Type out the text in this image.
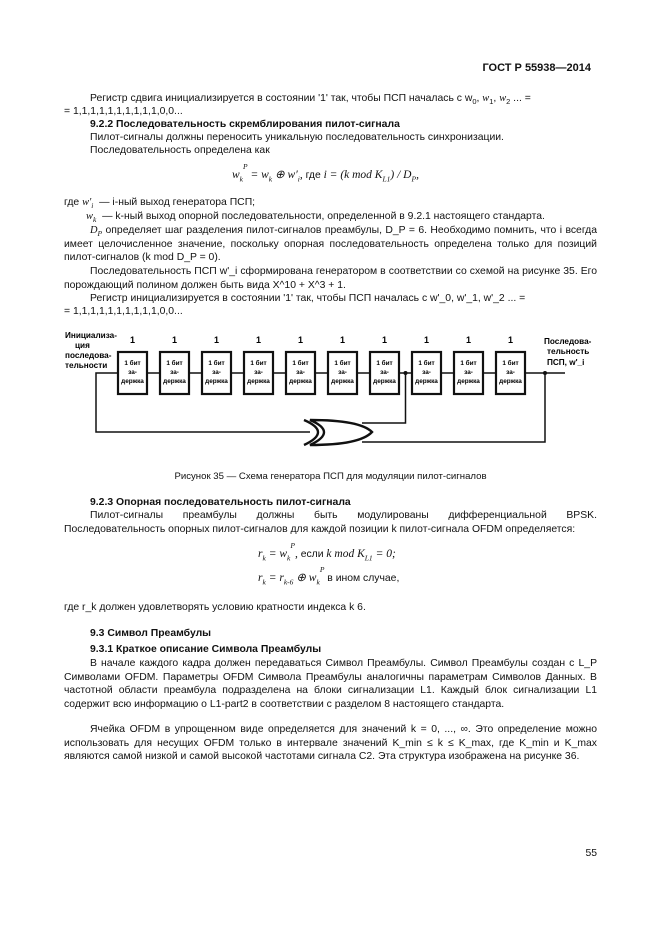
ГОСТ Р 55938—2014
Регистр сдвига инициализируется в состоянии '1' так, чтобы ПСП началась с $w_0$, $w_1$, $w_2$ ... =
= 1,1,1,1,1,1,1,1,1,1,0,0...
9.2.2 Последовательность скремблирования пилот-сигнала
Пилот-сигналы должны переносить уникальную последовательность синхронизации.
Последовательность определена как
$w_k^P = w_k$ ⊕ $w'_i$, где i = (k mod $K_{L1}) / D_P$,
где $w'_i$ — i-ный выход генератора ПСП;
$w_k$ — k-ный выход опорной последовательности, определенной в 9.2.1 настоящего стандарта.
$D_P$ определяет шаг разделения пилот-сигналов преамбулы, D_P = 6. Необходимо помнить, что i всегда имеет целочисленное значение, поскольку опорная последовательность определена только для позиций пилот-сигналов (k mod D_P = 0).
Последовательность ПСП w'_i сформирована генератором в соответствии со схемой на рисунке 35. Его порождающий полином должен быть вида X^10 + X^3 + 1.
Регистр инициализируется в состоянии '1' так, чтобы ПСП началась с w'_0, w'_1, w'_2 ... =
= 1,1,1,1,1,1,1,1,1,1,0,0...
1
1 бит
за-
держка
1
1 бит
за-
держка
1
1 бит
за-
держка
1
1 бит
за-
держка
1
1 бит
за-
держка
1
1 бит
за-
держка
1
1 бит
за-
держка
1
1 бит
за-
держка
1
1 бит
за-
держка
1
1 бит
за-
держка
Инициализа-
ция
последова-
тельности
Последова-
тельность
ПСП, w'_i
Рисунок 35 — Схема генератора ПСП для модуляции пилот-сигналов
9.2.3 Опорная последовательность пилот-сигнала
Пилот-сигналы преамбулы должны быть модулированы дифференциальной BPSK. Последовательность опорных пилот-сигналов для каждой позиции k пилот-сигнала OFDM определяется:
$r_k = w_k^P$, если k mod $K_{L1} = 0$;
$r_k = r_{k-6}$ ⊕ $w_k^P$ в ином случае,
где r_k должен удовлетворять условию кратности индекса k 6.
9.3 Символ Преамбулы
9.3.1 Краткое описание Символа Преамбулы
В начале каждого кадра должен передаваться Символ Преамбулы. Символ Преамбулы создан с L_P Символами OFDM. Параметры OFDM Символа Преамбулы аналогичны параметрам Символов Данных. В частотной области преамбула подразделена на блоки сигнализации L1. Каждый блок сигнализации L1 содержит всю информацию о L1-part2 в соответствии с разделом 8 настоящего стандарта.
Ячейка OFDM в упрощенном виде определяется для значений k = 0, ..., ∞. Это определение можно использовать для несущих OFDM только в интервале значений K_min ≤ k ≤ K_max, где K_min и K_max являются самой низкой и самой высокой частотами сигнала C2. Эта структура изображена на рисунке 36.
55
